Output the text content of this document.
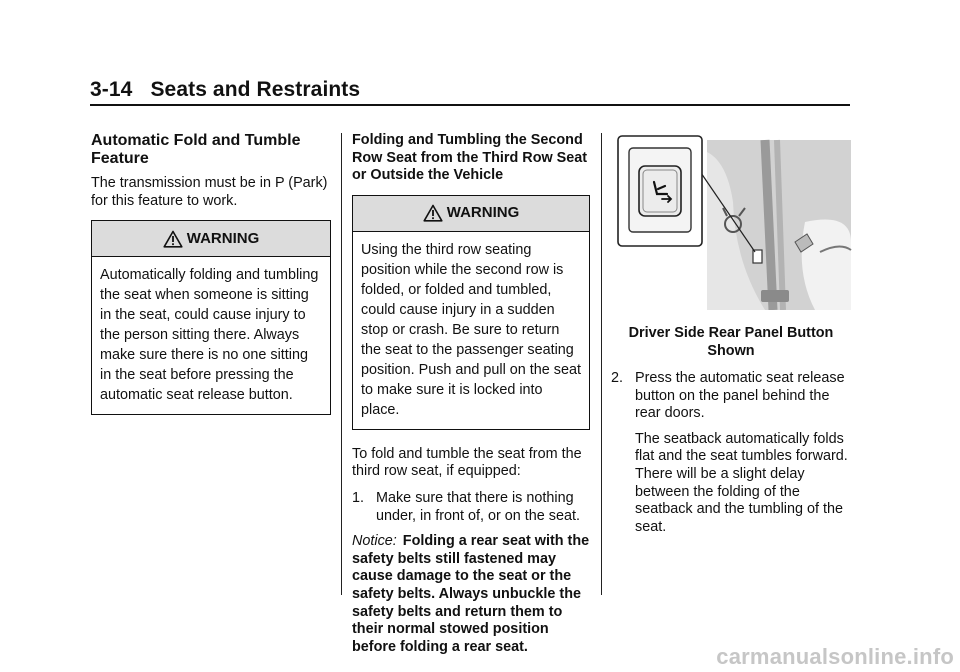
3-14 Seats and Restraints
Automatic Fold and Tumble Feature

The transmission must be in P (Park) for this feature to work.

WARNING
Automatically folding and tumbling the seat when someone is sitting in the seat, could cause injury to the person sitting there. Always make sure there is no one sitting in the seat before pressing the automatic seat release button.
Folding and Tumbling the Second Row Seat from the Third Row Seat or Outside the Vehicle
WARNING
Using the third row seating position while the second row is folded, or folded and tumbled, could cause injury in a sudden stop or crash. Be sure to return the seat to the passenger seating position. Push and pull on the seat to make sure it is locked into place.

To fold and tumble the seat from the third row seat, if equipped:

1. Make sure that there is nothing under, in front of, or on the seat.

Notice: Folding a rear seat with the safety belts still fastened may cause damage to the seat or the safety belts. Always unbuckle the safety belts and return them to their normal stowed position before folding a rear seat.

Driver Side Rear Panel Button Shown
2. Press the automatic seat release button on the panel behind the rear doors.

The seatback automatically folds flat and the seat tumbles forward. There will be a slight delay between the folding of the seatback and the tumbling of the seat.

carmanualsonline.info
